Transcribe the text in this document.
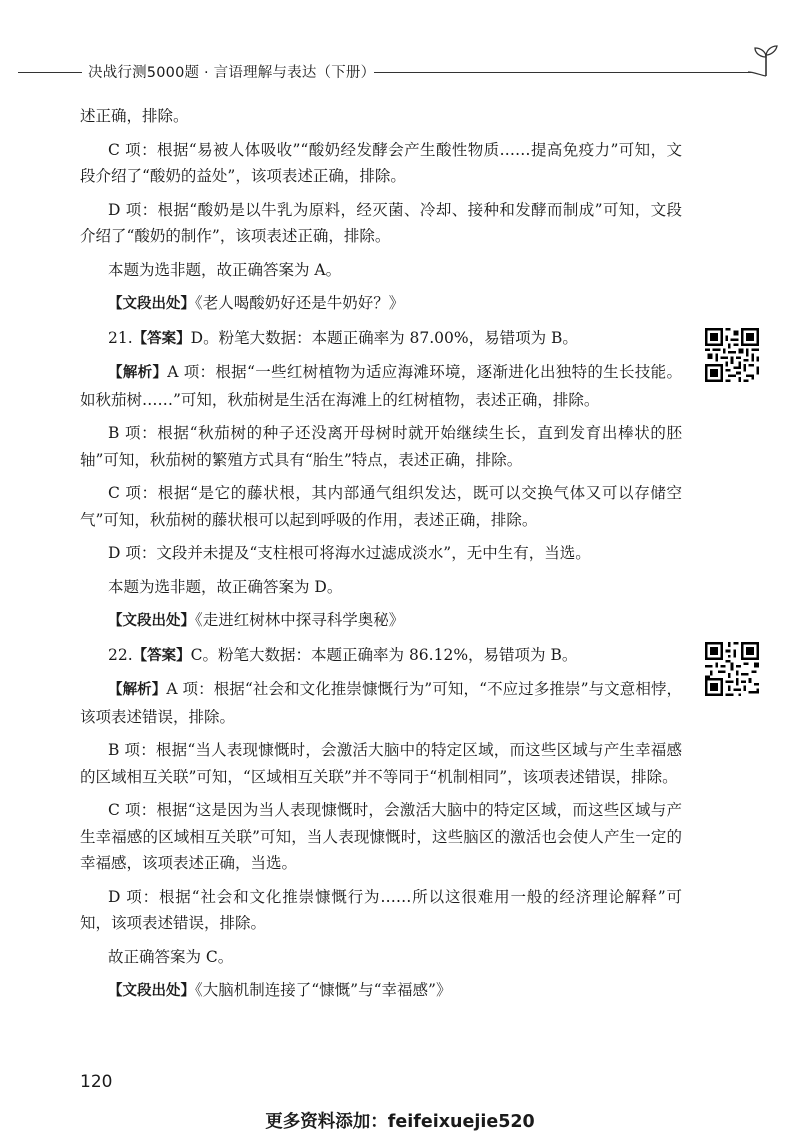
决战行测5000题 · 言语理解与表达（下册）

述正确，排除。

C 项：根据“易被人体吸收”“酸奶经发酵会产生酸性物质……提高免疫力”可知，文段介绍了“酸奶的益处”，该项表述正确，排除。

D 项：根据“酸奶是以牛乳为原料，经灭菌、冷却、接种和发酵而制成”可知，文段介绍了“酸奶的制作”，该项表述正确，排除。

本题为选非题，故正确答案为 A。

【文段出处】《老人喝酸奶好还是牛奶好？》

21.【答案】D。粉笔大数据：本题正确率为 87.00%，易错项为 B。

【解析】A 项：根据“一些红树植物为适应海滩环境，逐渐进化出独特的生长技能。如秋茄树……”可知，秋茄树是生活在海滩上的红树植物，表述正确，排除。

B 项：根据“秋茄树的种子还没离开母树时就开始继续生长，直到发育出棒状的胚轴”可知，秋茄树的繁殖方式具有“胎生”特点，表述正确，排除。

C 项：根据“是它的藤状根，其内部通气组织发达，既可以交换气体又可以存储空气”可知，秋茄树的藤状根可以起到呼吸的作用，表述正确，排除。

D 项：文段并未提及“支柱根可将海水过滤成淡水”，无中生有，当选。

本题为选非题，故正确答案为 D。

【文段出处】《走进红树林中探寻科学奥秘》

22.【答案】C。粉笔大数据：本题正确率为 86.12%，易错项为 B。

【解析】A 项：根据“社会和文化推崇慷慨行为”可知，“不应过多推崇”与文意相悖，该项表述错误，排除。

B 项：根据“当人表现慷慨时，会激活大脑中的特定区域，而这些区域与产生幸福感的区域相互关联”可知，“区域相互关联”并不等同于“机制相同”，该项表述错误，排除。

C 项：根据“这是因为当人表现慷慨时，会激活大脑中的特定区域，而这些区域与产生幸福感的区域相互关联”可知，当人表现慷慨时，这些脑区的激活也会使人产生一定的幸福感，该项表述正确，当选。

D 项：根据“社会和文化推崇慷慨行为……所以这很难用一般的经济理论解释”可知，该项表述错误，排除。

故正确答案为 C。

【文段出处】《大脑机制连接了“慷慨”与“幸福感”》

120
更多资料添加：feifeixuejie520
